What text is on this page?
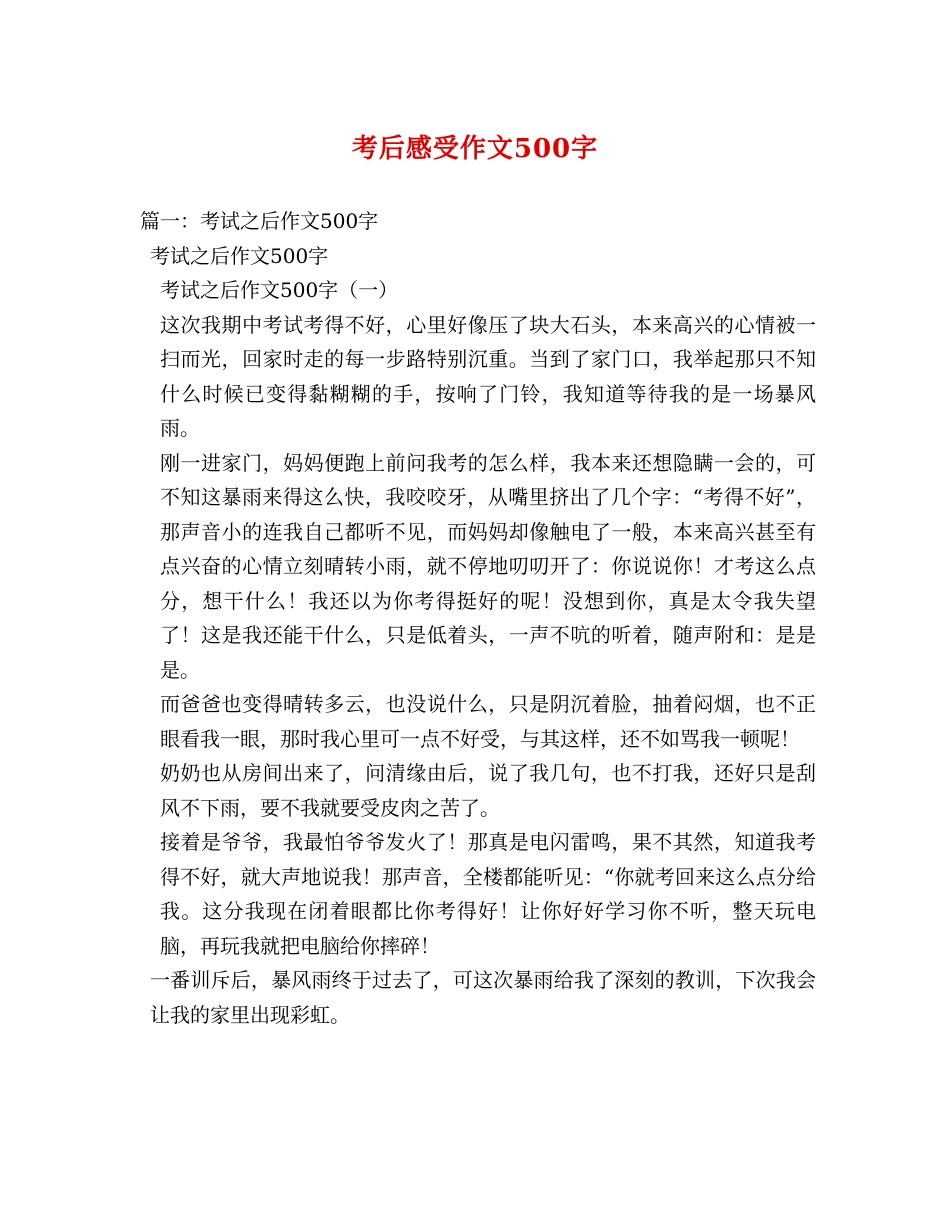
考后感受作文500字
篇一：考试之后作文500字
考试之后作文500字
考试之后作文500字（一）
这次我期中考试考得不好，心里好像压了块大石头，本来高兴的心情被一扫而光，回家时走的每一步路特别沉重。当到了家门口，我举起那只不知什么时候已变得黏糊糊的手，按响了门铃，我知道等待我的是一场暴风雨。
刚一进家门，妈妈便跑上前问我考的怎么样，我本来还想隐瞒一会的，可不知这暴雨来得这么快，我咬咬牙，从嘴里挤出了几个字：“考得不好”，那声音小的连我自己都听不见，而妈妈却像触电了一般，本来高兴甚至有点兴奋的心情立刻晴转小雨，就不停地叨叨开了：你说说你！才考这么点分，想干什么！我还以为你考得挺好的呢！没想到你，真是太令我失望了！这是我还能干什么，只是低着头，一声不吭的听着，随声附和：是是是。
而爸爸也变得晴转多云，也没说什么，只是阴沉着脸，抽着闷烟，也不正眼看我一眼，那时我心里可一点不好受，与其这样，还不如骂我一顿呢！
奶奶也从房间出来了，问清缘由后，说了我几句，也不打我，还好只是刮风不下雨，要不我就要受皮肉之苦了。
接着是爷爷，我最怕爷爷发火了！那真是电闪雷鸣，果不其然，知道我考得不好，就大声地说我！那声音，全楼都能听见：“你就考回来这么点分给我。这分我现在闭着眼都比你考得好！让你好好学习你不听，整天玩电脑，再玩我就把电脑给你摔碎！
一番训斥后，暴风雨终于过去了，可这次暴雨给我了深刻的教训，下次我会让我的家里出现彩虹。
